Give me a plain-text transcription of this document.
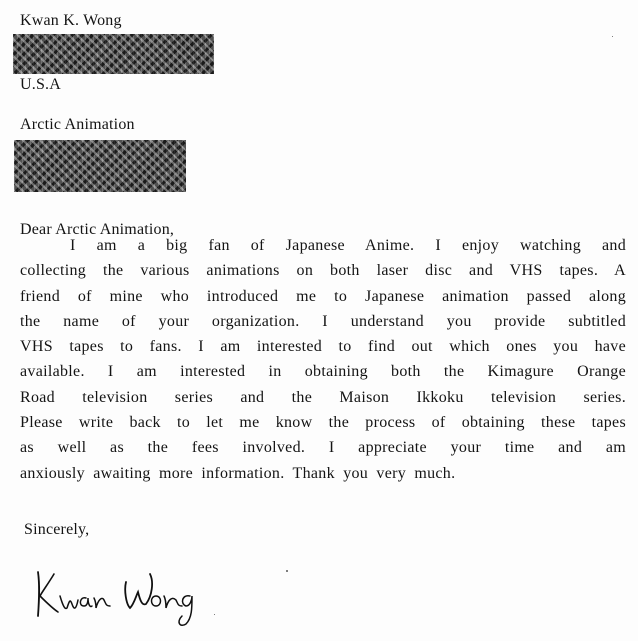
Kwan K. Wong
U.S.A
Arctic Animation
Dear Arctic Animation,
I am a big fan of Japanese Anime. I enjoy watching and
collecting the various animations on both laser disc and VHS tapes. A
friend of mine who introduced me to Japanese animation passed along
the name of your organization. I understand you provide subtitled
VHS tapes to fans. I am interested to find out which ones you have
available. I am interested in obtaining both the Kimagure Orange
Road television series and the Maison Ikkoku television series.
Please write back to let me know the process of obtaining these tapes
as well as the fees involved. I appreciate your time and am
anxiously awaiting more information. Thank you very much.
Sincerely,
